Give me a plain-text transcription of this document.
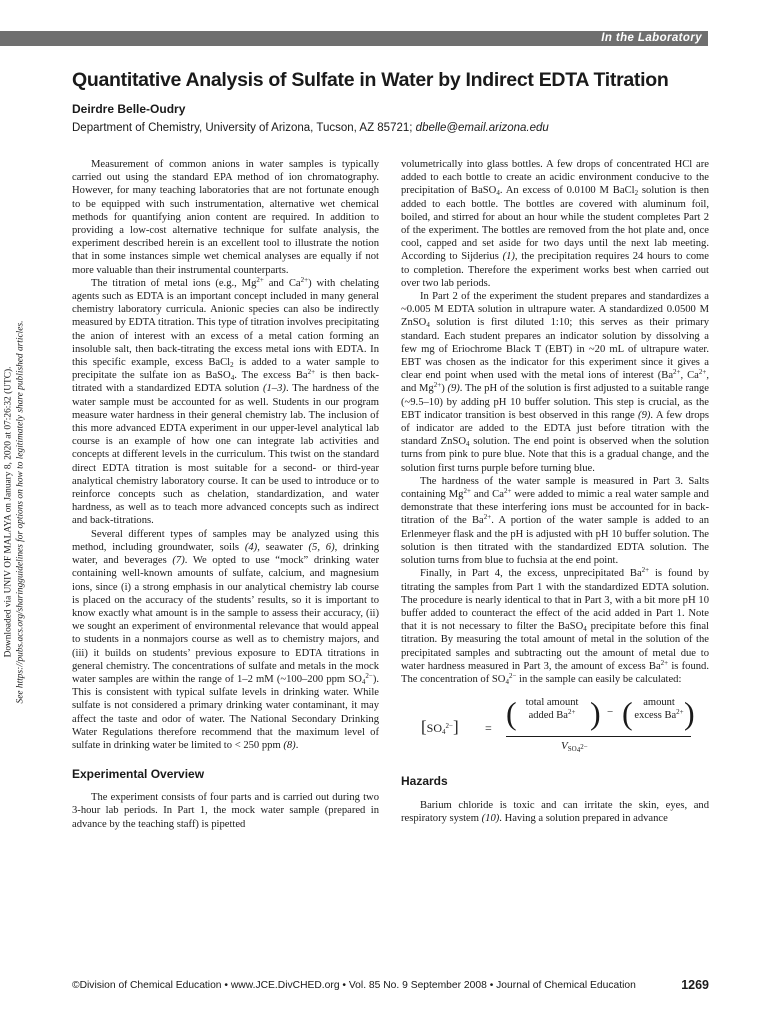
In the Laboratory
Quantitative Analysis of Sulfate in Water by Indirect EDTA Titration
Deirdre Belle-Oudry
Department of Chemistry, University of Arizona, Tucson, AZ 85721; dbelle@email.arizona.edu
Downloaded via UNIV OF MALAYA on January 8, 2020 at 07:26:32 (UTC). See https://pubs.acs.org/sharingguidelines for options on how to legitimately share published articles.

Measurement of common anions in water samples is typically carried out using the standard EPA method of ion chromatography. However, for many teaching laboratories that are not fortunate enough to be equipped with such instrumentation, alternative wet chemical methods for quantifying anion content are required. In addition to providing a low-cost alternative technique for sulfate analysis, the experiment described herein is an excellent tool to illustrate the notion that in some instances simple wet chemical analyses are equally if not more valuable than their instrumental counterparts.

The titration of metal ions (e.g., $Mg^{2+}$ and $Ca^{2+}$) with chelating agents such as EDTA is an important concept included in many general chemistry laboratory curricula. Anionic species can also be indirectly measured by EDTA titration. This type of titration involves precipitating the anion of interest with an excess of a metal cation forming an insoluble salt, then back-titrating the excess metal ions with EDTA. In this specific example, excess BaCl$_2$ is added to a water sample to precipitate the sulfate ion as BaSO$_4$. The excess $Ba^{2+}$ is then back-titrated with a standardized EDTA solution (1–3). The hardness of the water sample must be accounted for as well. Students in our program measure water hardness in their general chemistry lab. The inclusion of this more advanced EDTA experiment in our upper-level analytical lab course is an example of how one can integrate lab activities and concepts at different levels in the curriculum. This twist on the standard direct EDTA titration is most suitable for a second- or third-year analytical chemistry laboratory course. It can be used to introduce or to reinforce concepts such as chelation, standardization, and water hardness, as well as to teach more advanced concepts such as indirect and back-titrations.

Several different types of samples may be analyzed using this method, including groundwater, soils (4), seawater (5, 6), drinking water, and beverages (7). We opted to use “mock” drinking water containing well-known amounts of sulfate, calcium, and magnesium ions, since (i) a strong emphasis in our analytical chemistry lab course is placed on the accuracy of the students’ results, so it is important to know exactly what amount is in the sample to assess their accuracy, (ii) we sought an experiment of environmental relevance that would appeal to students in a nonmajors course as well as to chemistry majors, and (iii) it builds on students’ previous exposure to EDTA titrations in general chemistry. The concentrations of sulfate and metals in the mock water samples are within the range of 1–2 mM (~100–200 ppm $SO_4^{2-}$). This is consistent with typical sulfate levels in drinking water. While sulfate is not considered a primary drinking water contaminant, it may affect the taste and odor of water. The National Secondary Drinking Water Regulations therefore recommend that the maximum level of sulfate in drinking water be limited to < 250 ppm (8).

Experimental Overview

The experiment consists of four parts and is carried out during two 3-hour lab periods. In Part 1, the mock water sample (prepared in advance by the teaching staff) is pipetted

volumetrically into glass bottles. A few drops of concentrated HCl are added to each bottle to create an acidic environment conducive to the precipitation of BaSO$_4$. An excess of 0.0100 M BaCl$_2$ solution is then added to each bottle. The bottles are covered with aluminum foil, boiled, and stirred for about an hour while the student completes Part 2 of the experiment. The bottles are removed from the hot plate and, once cool, capped and set aside for two days until the next lab meeting. According to Sijderius (1), the precipitation requires 24 hours to come to completion. Therefore the experiment works best when carried out over two lab periods.

In Part 2 of the experiment the student prepares and standardizes a ~0.005 M EDTA solution in ultrapure water. A standardized 0.0500 M ZnSO$_4$ solution is first diluted 1:10; this serves as their primary standard. Each student prepares an indicator solution by dissolving a few mg of Eriochrome Black T (EBT) in ~20 mL of ultrapure water. EBT was chosen as the indicator for this experiment since it gives a clear end point when used with the metal ions of interest ($Ba^{2+}$, $Ca^{2+}$, and $Mg^{2+}$) (9). The pH of the solution is first adjusted to a suitable range (~9.5–10) by adding pH 10 buffer solution. This step is crucial, as the EBT indicator transition is best observed in this range (9). A few drops of indicator are added to the EDTA just before titration with the standard ZnSO$_4$ solution. The end point is observed when the solution turns from pink to pure blue. Note that this is a gradual change, and the solution first turns purple before turning blue.

The hardness of the water sample is measured in Part 3. Salts containing $Mg^{2+}$ and $Ca^{2+}$ were added to mimic a real water sample and demonstrate that these interfering ions must be accounted for in back-titration of the $Ba^{2+}$. A portion of the water sample is added to an Erlenmeyer flask and the pH is adjusted with pH 10 buffer solution. The solution is then titrated with the standardized EDTA solution. The solution turns from blue to fuchsia at the end point.

Finally, in Part 4, the excess, unprecipitated $Ba^{2+}$ is found by titrating the samples from Part 1 with the standardized EDTA solution. The procedure is nearly identical to that in Part 3, with a bit more pH 10 buffer added to counteract the effect of the acid added in Part 1. Note that it is not necessary to filter the BaSO$_4$ precipitate before this final titration. By measuring the total amount of metal in the solution of the precipitated samples and subtracting out the amount of metal due to water hardness measured in Part 3, the amount of excess $Ba^{2+}$ is found. The concentration of $SO_4^{2-}$ in the sample can easily be calculated:

$[SO_4^{2-}]$ = ( total amount
added $Ba^{2+}$ ) − (	amount
excess $Ba^{2+}$ )
$V_{SO_4^{2-}}$
Hazards

Barium chloride is toxic and can irritate the skin, eyes, and respiratory system (10). Having a solution prepared in advance

©Division of Chemical Education • www.JCE.DivCHED.org • Vol. 85 No. 9 September 2008 • Journal of Chemical Education	1269
